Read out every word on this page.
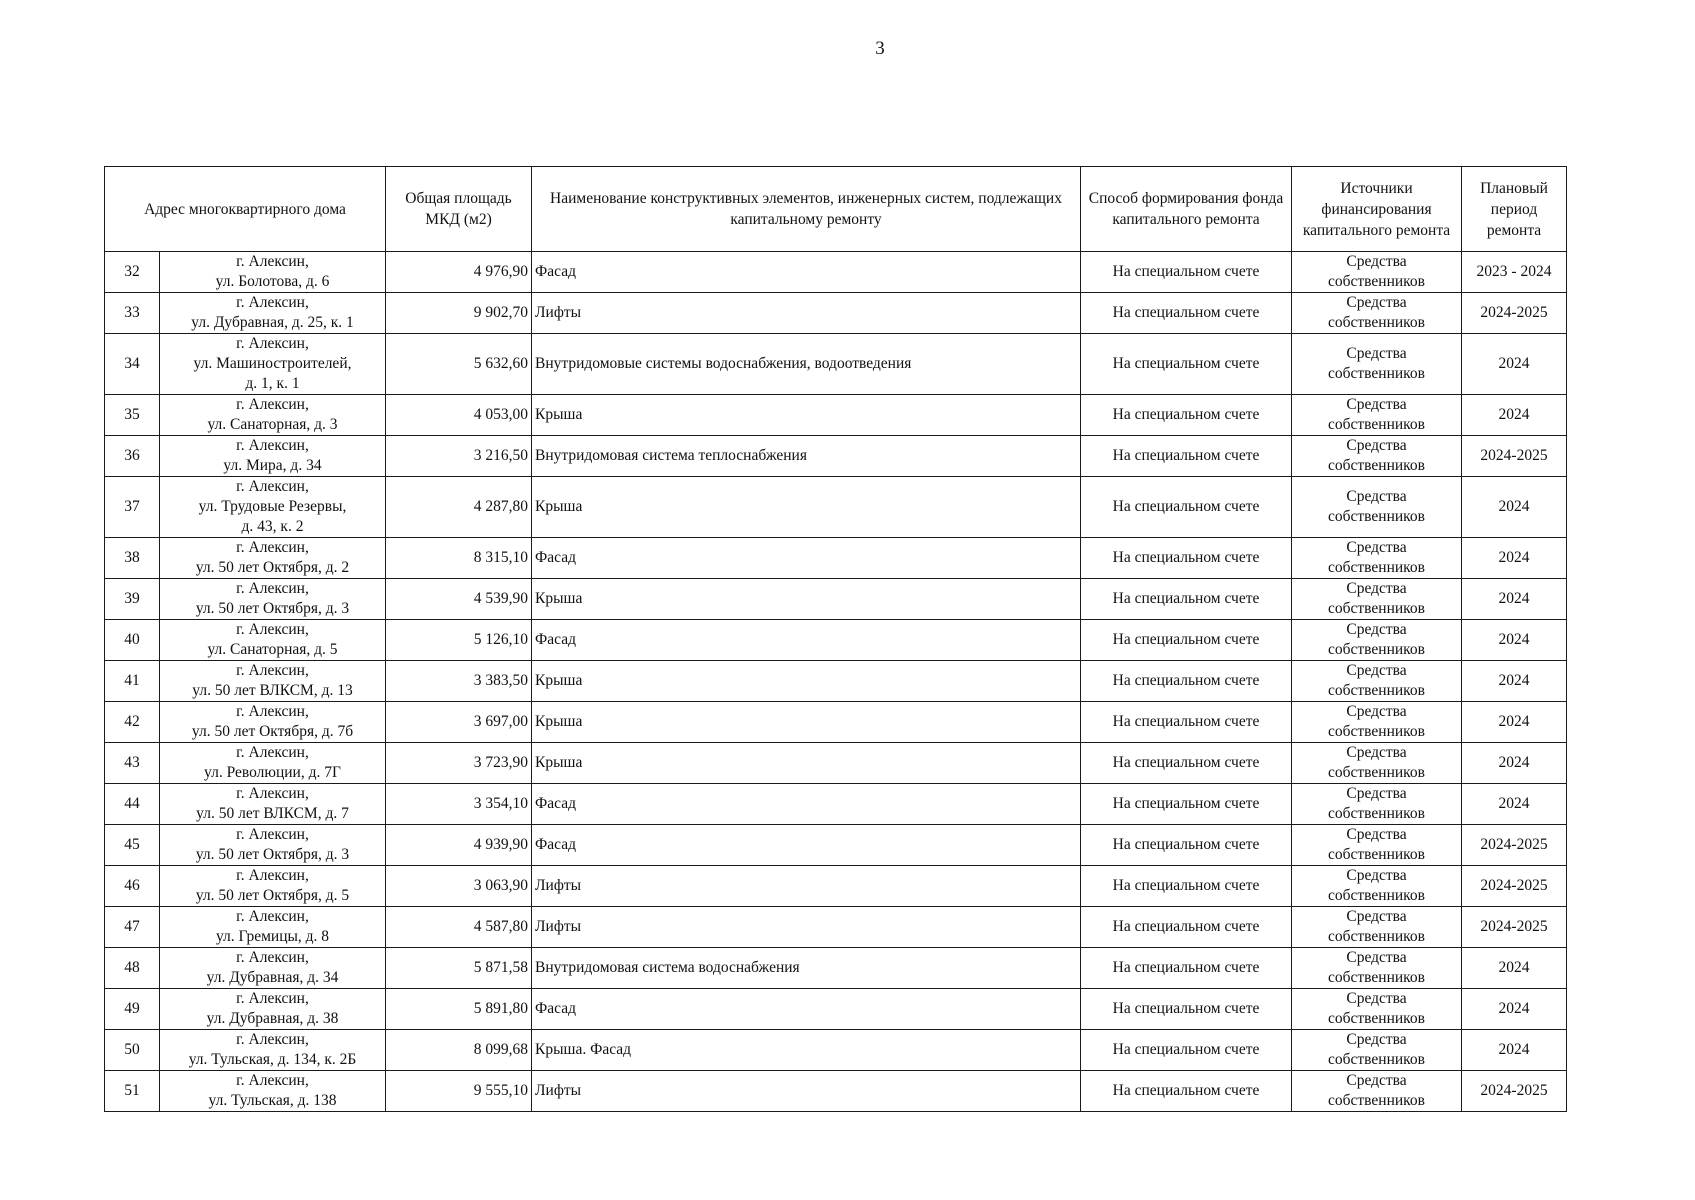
3
Адрес многоквартирного дома		Общая площадь МКД (м2)	Наименование конструктивных элементов, инженерных систем, подлежащих капитальному ремонту	Способ формирования фонда капитального ремонта	Источники финансирования капитального ремонта	Плановый период ремонта
32	г. Алексин,
ул. Болотова, д. 6	4 976,90	Фасад	На специальном счете	Средства
собственников	2023 - 2024
33	г. Алексин,
ул. Дубравная, д. 25, к. 1	9 902,70	Лифты	На специальном счете	Средства
собственников	2024-2025
34	г. Алексин,
ул. Машиностроителей,
д. 1, к. 1	5 632,60	Внутридомовые системы водоснабжения, водоотведения	На специальном счете	Средства
собственников	2024
35	г. Алексин,
ул. Санаторная, д. 3	4 053,00	Крыша	На специальном счете	Средства
собственников	2024
36	г. Алексин,
ул. Мира, д. 34	3 216,50	Внутридомовая система теплоснабжения	На специальном счете	Средства
собственников	2024-2025
37	г. Алексин,
ул. Трудовые Резервы,
д. 43, к. 2	4 287,80	Крыша	На специальном счете	Средства
собственников	2024
38	г. Алексин,
ул. 50 лет Октября, д. 2	8 315,10	Фасад	На специальном счете	Средства
собственников	2024
39	г. Алексин,
ул. 50 лет Октября, д. 3	4 539,90	Крыша	На специальном счете	Средства
собственников	2024
40	г. Алексин,
ул. Санаторная, д. 5	5 126,10	Фасад	На специальном счете	Средства
собственников	2024
41	г. Алексин,
ул. 50 лет ВЛКСМ, д. 13	3 383,50	Крыша	На специальном счете	Средства
собственников	2024
42	г. Алексин,
ул. 50 лет Октября, д. 7б	3 697,00	Крыша	На специальном счете	Средства
собственников	2024
43	г. Алексин,
ул. Революции, д. 7Г	3 723,90	Крыша	На специальном счете	Средства
собственников	2024
44	г. Алексин,
ул. 50 лет ВЛКСМ, д. 7	3 354,10	Фасад	На специальном счете	Средства
собственников	2024
45	г. Алексин,
ул. 50 лет Октября, д. 3	4 939,90	Фасад	На специальном счете	Средства
собственников	2024-2025
46	г. Алексин,
ул. 50 лет Октября, д. 5	3 063,90	Лифты	На специальном счете	Средства
собственников	2024-2025
47	г. Алексин,
ул. Гремицы, д. 8	4 587,80	Лифты	На специальном счете	Средства
собственников	2024-2025
48	г. Алексин,
ул. Дубравная, д. 34	5 871,58	Внутридомовая система водоснабжения	На специальном счете	Средства
собственников	2024
49	г. Алексин,
ул. Дубравная, д. 38	5 891,80	Фасад	На специальном счете	Средства
собственников	2024
50	г. Алексин,
ул. Тульская, д. 134, к. 2Б	8 099,68	Крыша. Фасад	На специальном счете	Средства
собственников	2024
51	г. Алексин,
ул. Тульская, д. 138	9 555,10	Лифты	На специальном счете	Средства
собственников	2024-2025
